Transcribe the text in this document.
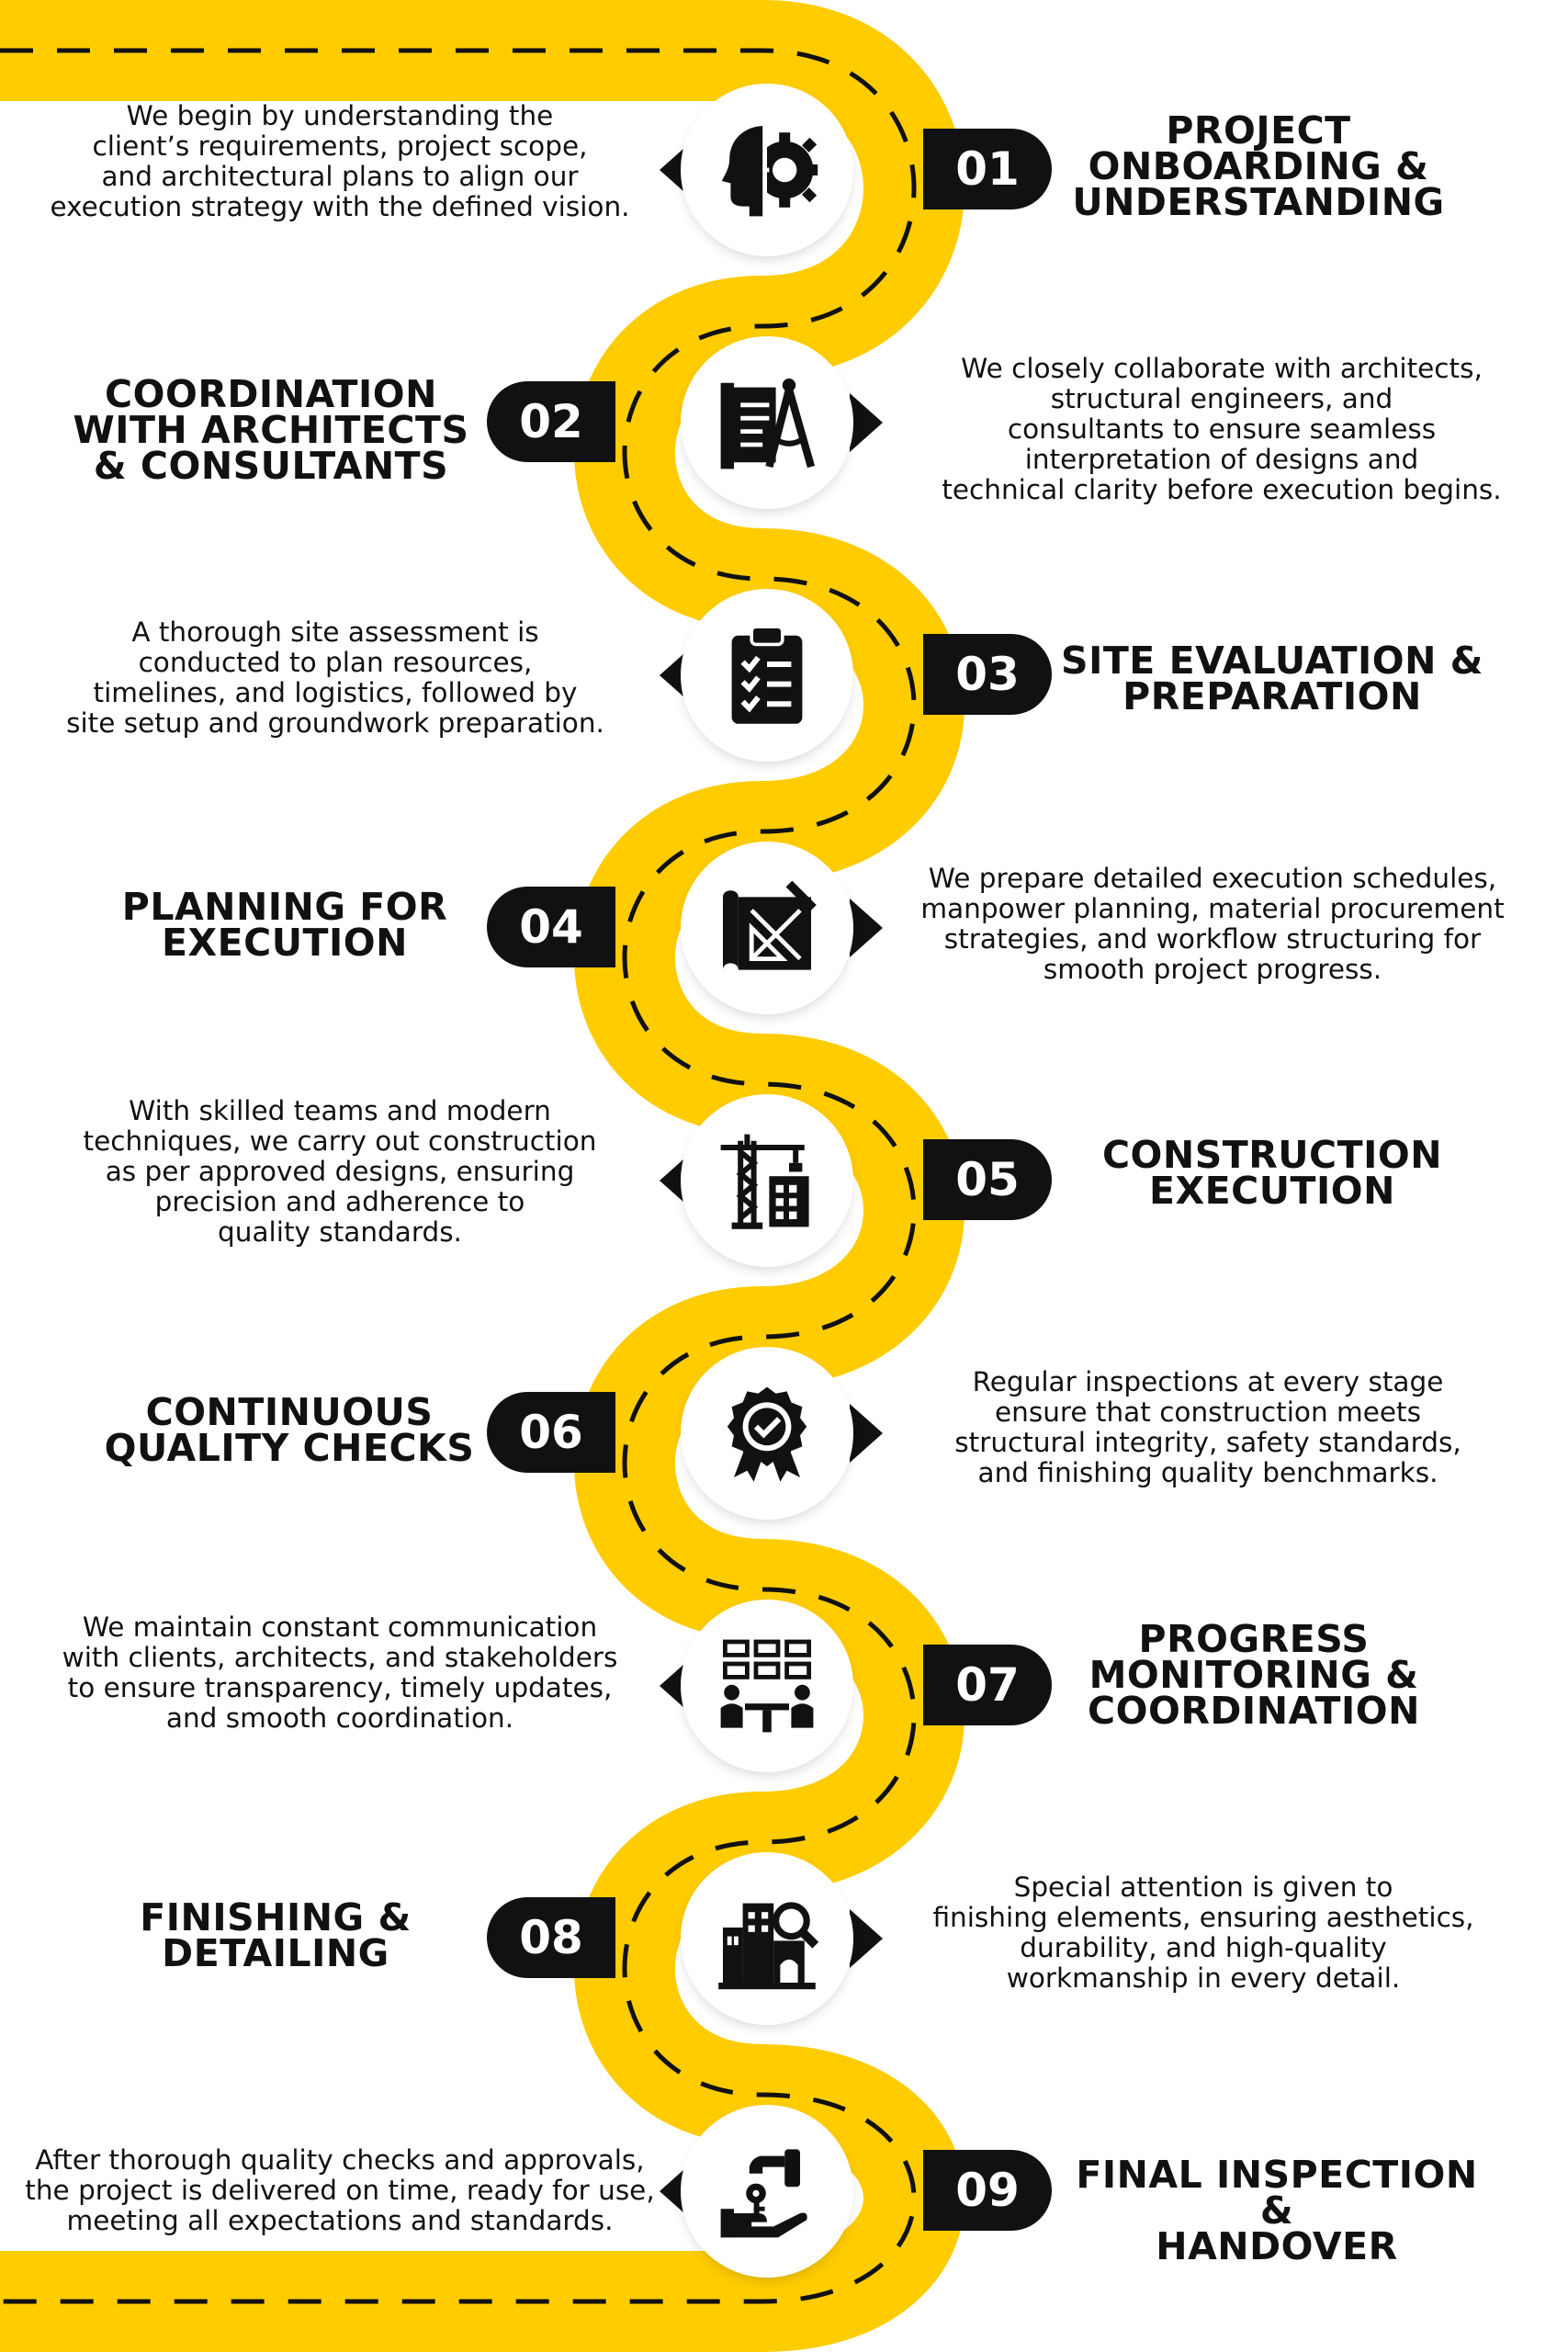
01
PROJECT
ONBOARDING &
UNDERSTANDING
We begin by understanding the
client’s requirements, project scope,
and architectural plans to align our
execution strategy with the defined vision.
02
COORDINATION
WITH ARCHITECTS
& CONSULTANTS
We closely collaborate with architects,
structural engineers, and
consultants to ensure seamless
interpretation of designs and
technical clarity before execution begins.
03	SITE EVALUATION &
PREPARATION
A thorough site assessment is
conducted to plan resources,
timelines, and logistics, followed by
site setup and groundwork preparation.
04
PLANNING FOR
EXECUTION
We prepare detailed execution schedules,
manpower planning, material procurement
strategies, and workflow structuring for
smooth project progress.
05	CONSTRUCTION
EXECUTION
With skilled teams and modern
techniques, we carry out construction
as per approved designs, ensuring
precision and adherence to
quality standards.
06
CONTINUOUS
QUALITY CHECKS
Regular inspections at every stage
ensure that construction meets
structural integrity, safety standards,
and finishing quality benchmarks.
07
PROGRESS
MONITORING &
COORDINATION
We maintain constant communication
with clients, architects, and stakeholders
to ensure transparency, timely updates,
and smooth coordination.
08
FINISHING &
DETAILING
Special attention is given to
finishing elements, ensuring aesthetics,
durability, and high-quality
workmanship in every detail.
09	FINAL INSPECTION &
HANDOVER
After thorough quality checks and approvals,
the project is delivered on time, ready for use,
meeting all expectations and standards.
